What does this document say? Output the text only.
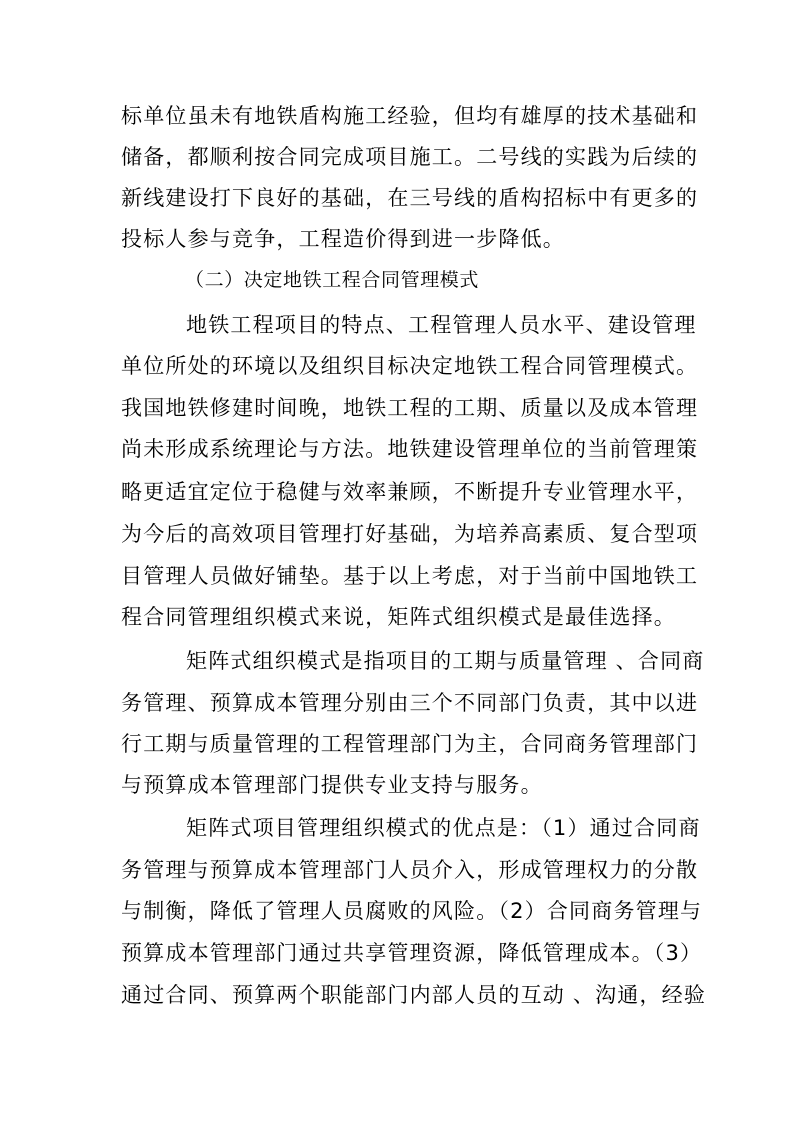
标单位虽未有地铁盾构施工经验，但均有雄厚的技术基础和
储备，都顺利按合同完成项目施工。二号线的实践为后续的
新线建设打下良好的基础，在三号线的盾构招标中有更多的
投标人参与竞争，工程造价得到进一步降低。
（二）决定地铁工程合同管理模式
地铁工程项目的特点、工程管理人员水平、建设管理
单位所处的环境以及组织目标决定地铁工程合同管理模式。
我国地铁修建时间晚，地铁工程的工期、质量以及成本管理
尚未形成系统理论与方法。地铁建设管理单位的当前管理策
略更适宜定位于稳健与效率兼顾，不断提升专业管理水平，
为今后的高效项目管理打好基础，为培养高素质、复合型项
目管理人员做好铺垫。基于以上考虑，对于当前中国地铁工
程合同管理组织模式来说，矩阵式组织模式是最佳选择。
矩阵式组织模式是指项目的工期与质量管理 、合同商
务管理、预算成本管理分别由三个不同部门负责，其中以进
行工期与质量管理的工程管理部门为主，合同商务管理部门
与预算成本管理部门提供专业支持与服务。
矩阵式项目管理组织模式的优点是：（1）通过合同商
务管理与预算成本管理部门人员介入，形成管理权力的分散
与制衡，降低了管理人员腐败的风险。（2）合同商务管理与
预算成本管理部门通过共享管理资源，降低管理成本。（3）
通过合同、预算两个职能部门内部人员的互动 、沟通，经验
